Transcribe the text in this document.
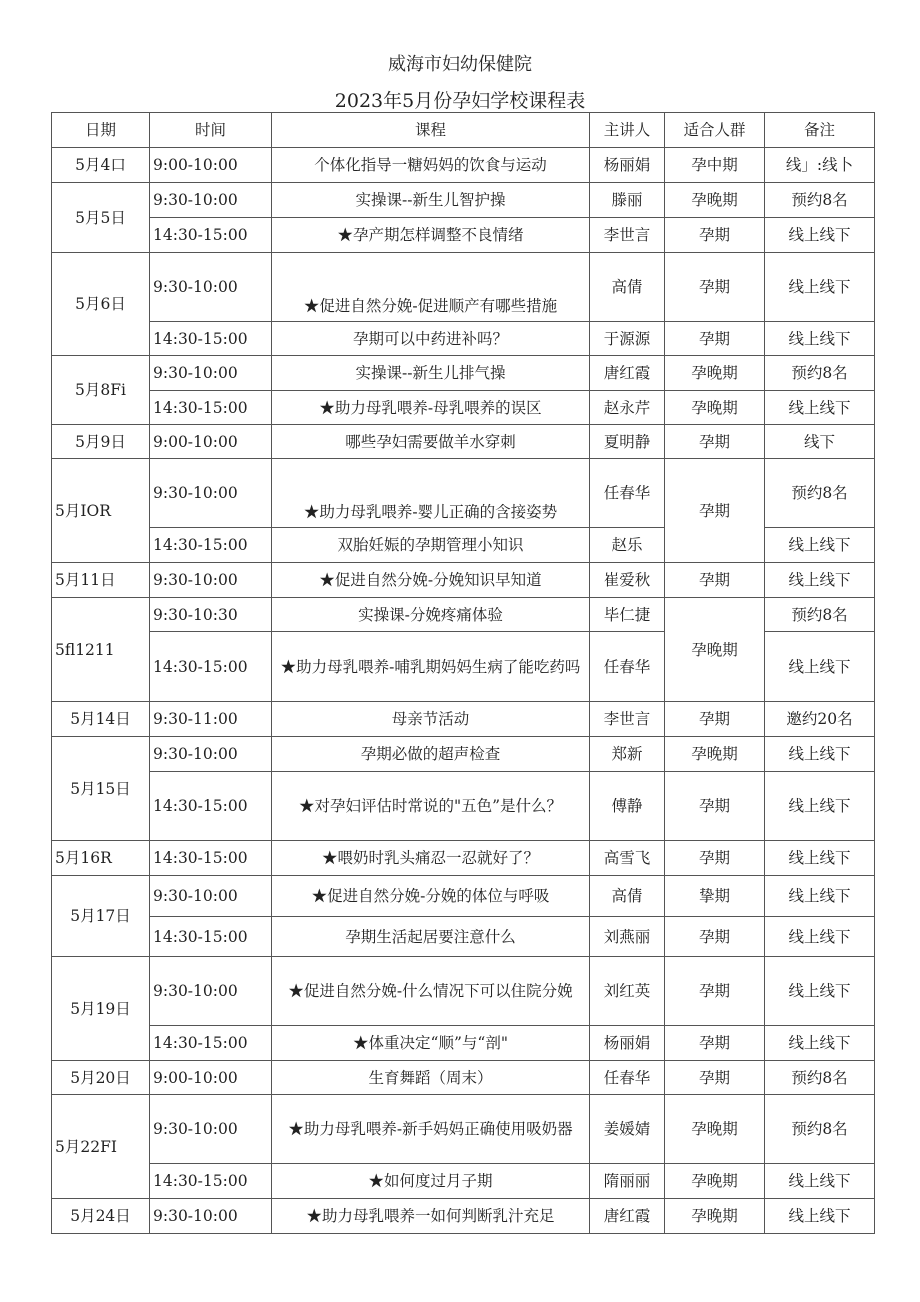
威海市妇幼保健院
2023年5月份孕妇学校课程表
日期	时间	课程	主讲人	适合人群	备注
5月4口	9:00-10:00	个体化指导一糖妈妈的饮食与运动	杨丽娟	孕中期	线」:线卜
5月5日	9:30-10:00	实操课--新生儿智护操	滕丽	孕晚期	预约8名
	14:30-15:00	★孕产期怎样调整不良情绪	李世言	孕期	线上线下
5月6日	9:30-10:00	★促进自然分娩-促进顺产有哪些措施	高倩	孕期	线上线下
	14:30-15:00	孕期可以中药进补吗？	于源源	孕期	线上线下
5月8Fi	9:30-10:00	实操课--新生儿排气操	唐红霞	孕晚期	预约8名
	14:30-15:00	★助力母乳喂养-母乳喂养的误区	赵永芹	孕晚期	线上线下
5月9日	9:00-10:00	哪些孕妇需要做羊水穿刺	夏明静	孕期	线下
5月IOR	9:30-10:00	★助力母乳喂养-婴儿正确的含接姿势	任春华	孕期	预约8名
	14:30-15:00	双胎妊娠的孕期管理小知识	赵乐		线上线下
5月11日	9:30-10:00	★促进自然分娩-分娩知识早知道	崔爱秋	孕期	线上线下
5fl1211	9:30-10:30	实操课-分娩疼痛体验	毕仁捷	孕晚期	预约8名
	14:30-15:00	★助力母乳喂养-哺乳期妈妈生病了能吃药吗	任春华		线上线下
5月14日	9:30-11:00	母亲节活动	李世言	孕期	邀约20名
5月15日	9:30-10:00	孕期必做的超声检查	郑新	孕晚期	线上线下
	14:30-15:00	★对孕妇评估时常说的"五色”是什么？	傅静	孕期	线上线下
5月16R	14:30-15:00	★喂奶时乳头痛忍一忍就好了？	高雪飞	孕期	线上线下
5月17日	9:30-10:00	★促进自然分娩-分娩的体位与呼吸	高倩	挚期	线上线下
	14:30-15:00	孕期生活起居要注意什么	刘燕丽	孕期	线上线下
5月19日	9:30-10:00	★促进自然分娩-什么情况下可以住院分娩	刘红英	孕期	线上线下
	14:30-15:00	★体重决定“顺”与“剖"	杨丽娟	孕期	线上线下
5月20日	9:00-10:00	生育舞蹈（周末）	任春华	孕期	预约8名
5月22FI	9:30-10:00	★助力母乳喂养-新手妈妈正确使用吸奶器	姜媛婧	孕晚期	预约8名
	14:30-15:00	★如何度过月子期	隋丽丽	孕晚期	线上线下
5月24日	9:30-10:00	★助力母乳喂养一如何判断乳汁充足	唐红霞	孕晚期	线上线下
